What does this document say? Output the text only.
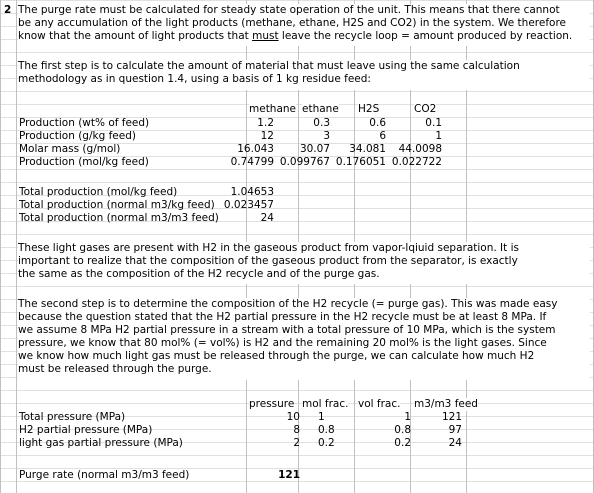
2 The purge rate must be calculated for steady state operation of the unit. This means that there cannot
be any accumulation of the light products (methane, ethane, H2S and CO2) in the system. We therefore
know that the amount of light products that must leave the recycle loop = amount produced by reaction.
The first step is to calculate the amount of material that must leave using the same calculation
methodology as in question 1.4, using a basis of 1 kg residue feed:
methane ethane H2S	CO2
Production (wt% of feed)	1.2	0.3	0.6	0.1
Production (g/kg feed)	12	3	6	1
Molar mass (g/mol)	16.043	30.07	34.081	44.0098
Production (mol/kg feed)	0.74799 0.099767 0.176051 0.022722
Total production (mol/kg feed)	1.04653
Total production (normal m3/kg feed) 0.023457
Total production (normal m3/m3 feed)	24
These light gases are present with H2 in the gaseous product from vapor-lqiuid separation. It is
important to realize that the composition of the gaseous product from the separator, is exactly
the same as the composition of the H2 recycle and of the purge gas.
The second step is to determine the composition of the H2 recycle (= purge gas). This was made easy
because the question stated that the H2 partial pressure in the H2 recycle must be at least 8 MPa. If
we assume 8 MPa H2 partial pressure in a stream with a total pressure of 10 MPa, which is the system
pressure, we know that 80 mol% (= vol%) is H2 and the remaining 20 mol% is the light gases. Since
we know how much light gas must be released through the purge, we can calculate how much H2
must be released through the purge.
pressure mol frac. vol frac. m3/m3 feed
Total pressure (MPa)	10 1	1	121
H2 partial pressure (MPa)	8 0.8	0.8	97
light gas partial pressure (MPa)	2 0.2	0.2	24
Purge rate (normal m3/m3 feed)	121
